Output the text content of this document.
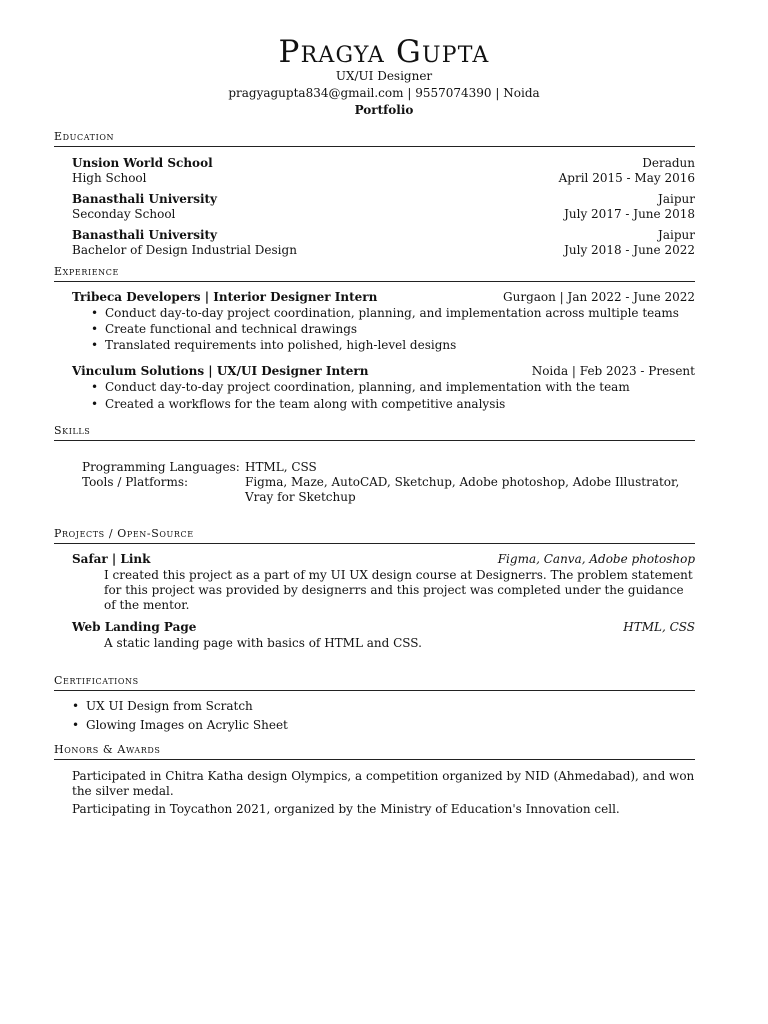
Pragya Gupta
UX/UI Designer
pragyagupta834@gmail.com | 9557074390 | Noida
Portfolio
Education
Unsion World School	Deradun
High School	April 2015 - May 2016
Banasthali University	Jaipur
Seconday School	July 2017 - June 2018
Banasthali University	Jaipur
Bachelor of Design Industrial Design	July 2018 - June 2022
Experience
Tribeca Developers | Interior Designer Intern	Gurgaon | Jan 2022 - June 2022
• Conduct day-to-day project coordination, planning, and implementation across multiple teams
• Create functional and technical drawings
• Translated requirements into polished, high-level designs
Vinculum Solutions | UX/UI Designer Intern	Noida | Feb 2023 - Present
• Conduct day-to-day project coordination, planning, and implementation with the team
• Created a workflows for the team along with competitive analysis
Skills
Programming Languages: HTML, CSS
Tools / Platforms:	Figma, Maze, AutoCAD, Sketchup, Adobe photoshop, Adobe Illustrator, Vray for Sketchup
Projects / Open-Source
Safar | Link	Figma, Canva, Adobe photoshop
I created this project as a part of my UI UX design course at Designerrs. The problem statement for this project was provided by designerrs and this project was completed under the guidance of the mentor.
Web Landing Page	HTML, CSS
A static landing page with basics of HTML and CSS.
Certifications
• UX UI Design from Scratch
• Glowing Images on Acrylic Sheet
Honors & Awards
Participated in Chitra Katha design Olympics, a competition organized by NID (Ahmedabad), and won the silver medal.
Participating in Toycathon 2021, organized by the Ministry of Education's Innovation cell.
